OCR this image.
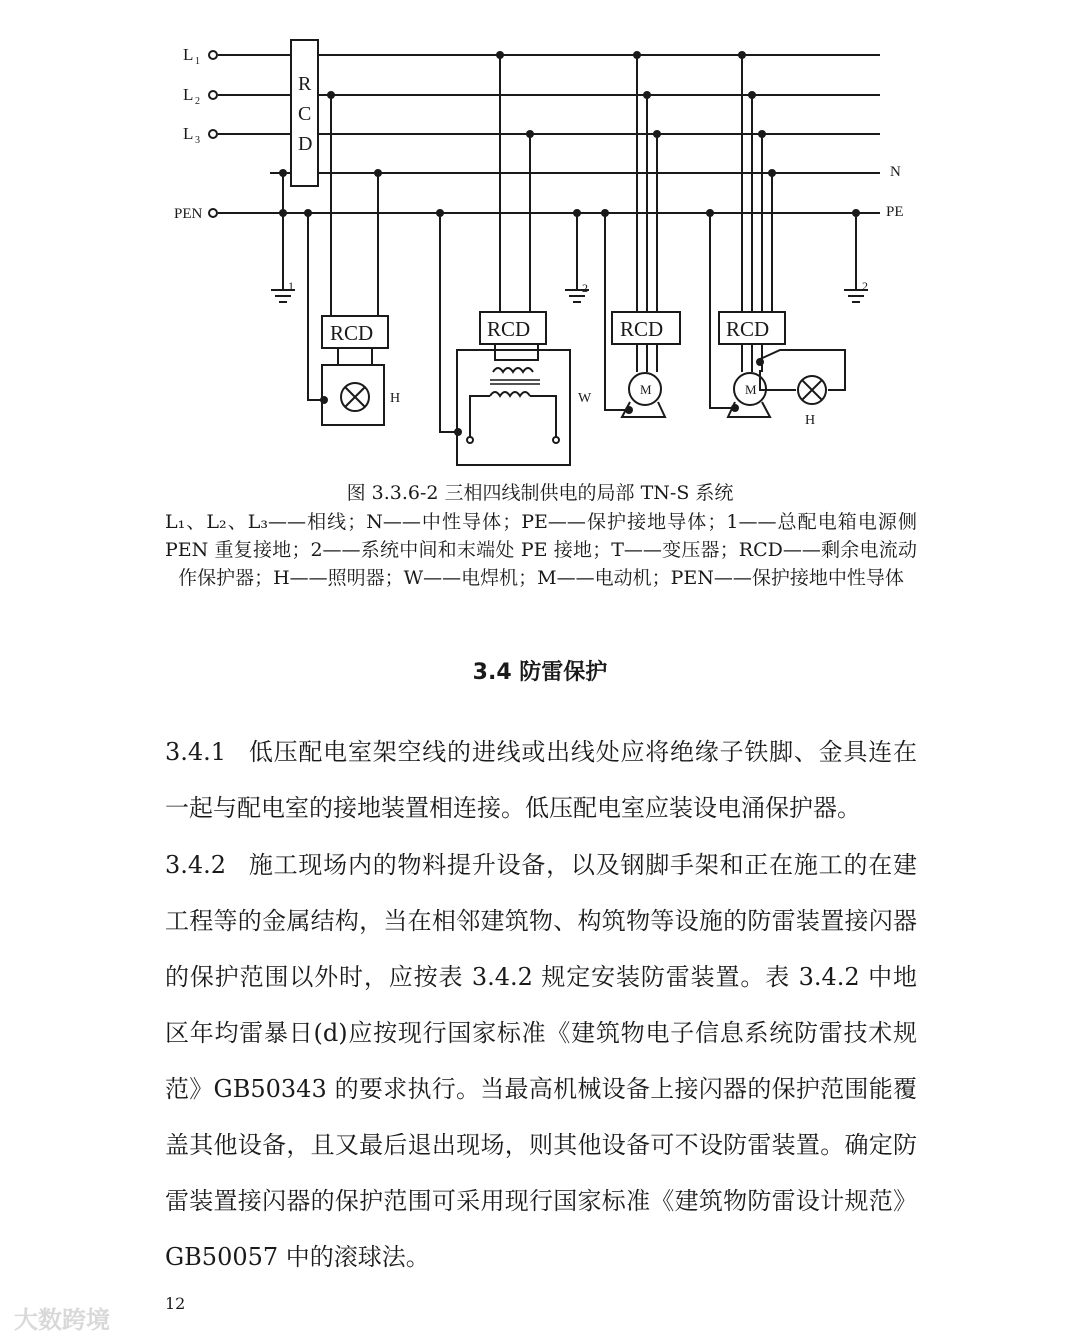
L 1
L 2
L 3
PEN
N
PE
R
C
D
1	2	2
RCD	RCD	RCD	RCD
H	W
H
M	M
图 3.3.6-2 三相四线制供电的局部 TN-S 系统
L₁、L₂、L₃——相线；N——中性导体；PE——保护接地导体；1——总配电箱电源侧 PEN 重复接地；2——系统中间和末端处 PE 接地；T——变压器；RCD——剩余电流动作保护器；H——照明器；W——电焊机；M——电动机；PEN——保护接地中性导体
3.4 防雷保护
3.4.1 低压配电室架空线的进线或出线处应将绝缘子铁脚、金具连在一起与配电室的接地装置相连接。低压配电室应装设电涌保护器。
3.4.2 施工现场内的物料提升设备，以及钢脚手架和正在施工的在建工程等的金属结构，当在相邻建筑物、构筑物等设施的防雷装置接闪器的保护范围以外时，应按表 3.4.2 规定安装防雷装置。表 3.4.2 中地区年均雷暴日(d)应按现行国家标准《建筑物电子信息系统防雷技术规范》GB50343 的要求执行。当最高机械设备上接闪器的保护范围能覆盖其他设备，且又最后退出现场，则其他设备可不设防雷装置。确定防雷装置接闪器的保护范围可采用现行国家标准《建筑物防雷设计规范》GB50057 中的滚球法。
12
大数跨境
